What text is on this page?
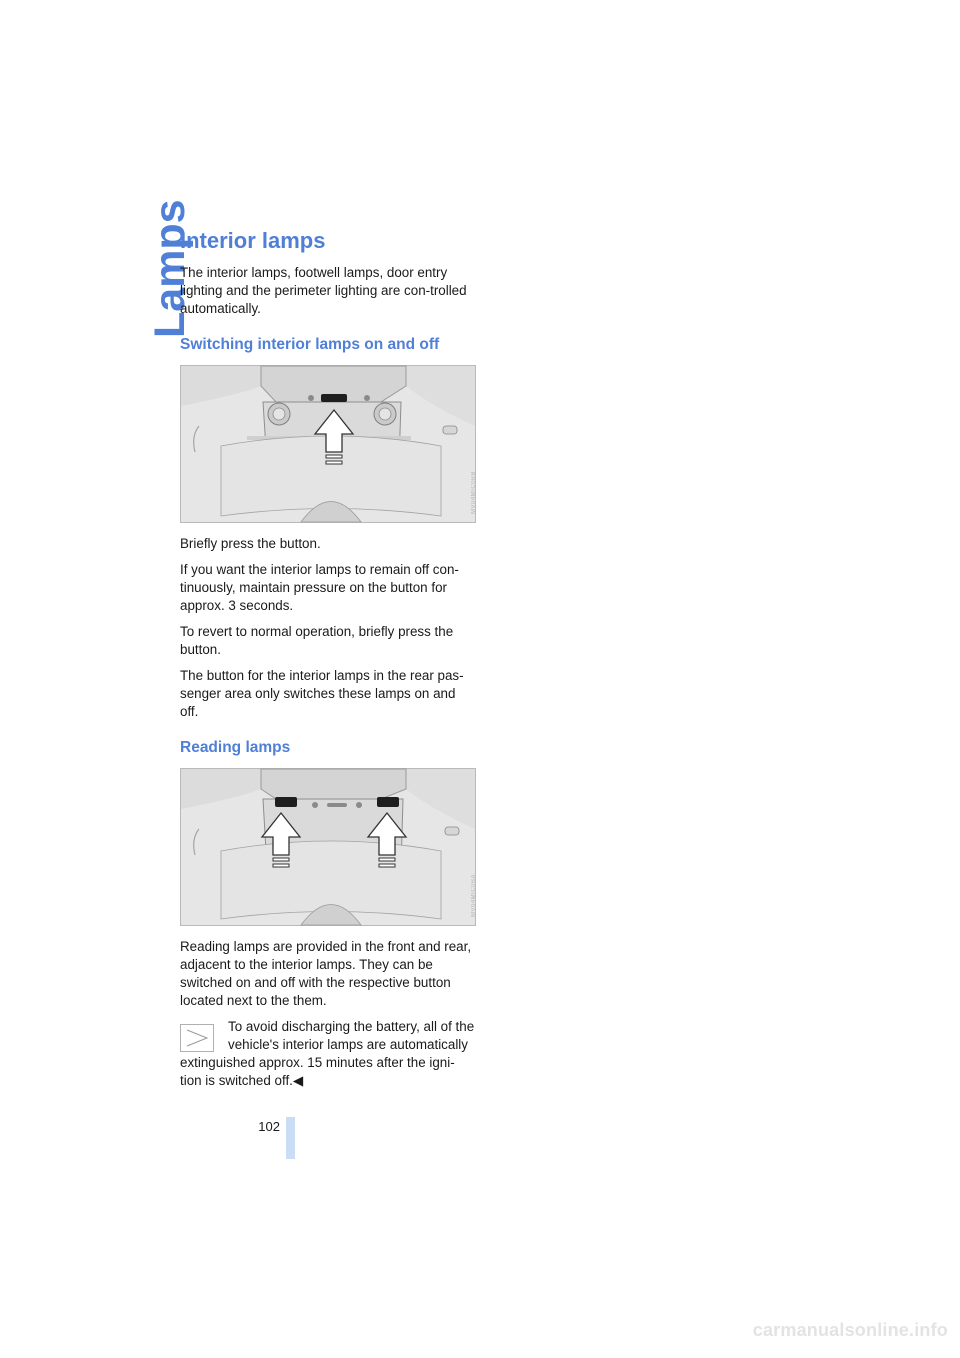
Lamps
Interior lamps

The interior lamps, footwell lamps, door entry lighting and the perimeter lighting are con-trolled automatically.

Switching interior lamps on and off
MV04MIC0BB

Briefly press the button.

If you want the interior lamps to remain off con-tinuously, maintain pressure on the button for approx. 3 seconds.

To revert to normal operation, briefly press the button.

The button for the interior lamps in the rear pas-senger area only switches these lamps on and off.

Reading lamps
MV04MIC0BA

Reading lamps are provided in the front and rear, adjacent to the interior lamps. They can be switched on and off with the respective button located next to the them.

To avoid discharging the battery, all of the vehicle's interior lamps are automatically

extinguished approx. 15 minutes after the igni-tion is switched off.◀

102
carmanualsonline.info
